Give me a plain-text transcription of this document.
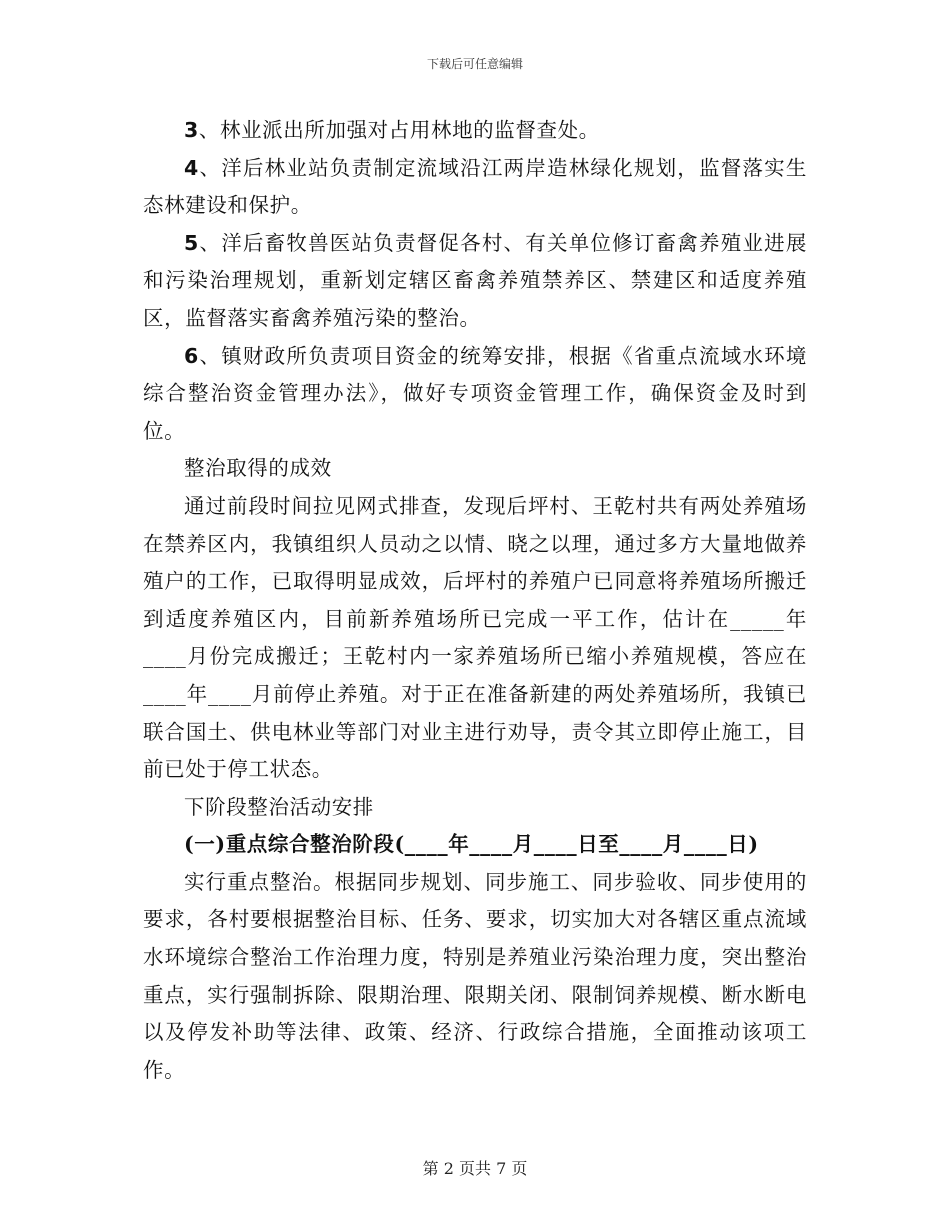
下载后可任意编辑

3、林业派出所加强对占用林地的监督查处。

4、洋后林业站负责制定流域沿江两岸造林绿化规划，监督落实生态林建设和保护。

5、洋后畜牧兽医站负责督促各村、有关单位修订畜禽养殖业进展和污染治理规划，重新划定辖区畜禽养殖禁养区、禁建区和适度养殖区，监督落实畜禽养殖污染的整治。

6、镇财政所负责项目资金的统筹安排，根据《省重点流域水环境综合整治资金管理办法》，做好专项资金管理工作，确保资金及时到位。

整治取得的成效

通过前段时间拉见网式排查，发现后坪村、王乾村共有两处养殖场在禁养区内，我镇组织人员动之以情、晓之以理，通过多方大量地做养殖户的工作，已取得明显成效，后坪村的养殖户已同意将养殖场所搬迁到适度养殖区内，目前新养殖场所已完成一平工作，估计在_____年____月份完成搬迁；王乾村内一家养殖场所已缩小养殖规模，答应在____年____月前停止养殖。对于正在准备新建的两处养殖场所，我镇已联合国土、供电林业等部门对业主进行劝导，责令其立即停止施工，目前已处于停工状态。

下阶段整治活动安排

(一)重点综合整治阶段(____年____月____日至____月____日)

实行重点整治。根据同步规划、同步施工、同步验收、同步使用的要求，各村要根据整治目标、任务、要求，切实加大对各辖区重点流域水环境综合整治工作治理力度，特别是养殖业污染治理力度，突出整治重点，实行强制拆除、限期治理、限期关闭、限制饲养规模、断水断电以及停发补助等法律、政策、经济、行政综合措施，全面推动该项工作。

第 2 页共 7 页
